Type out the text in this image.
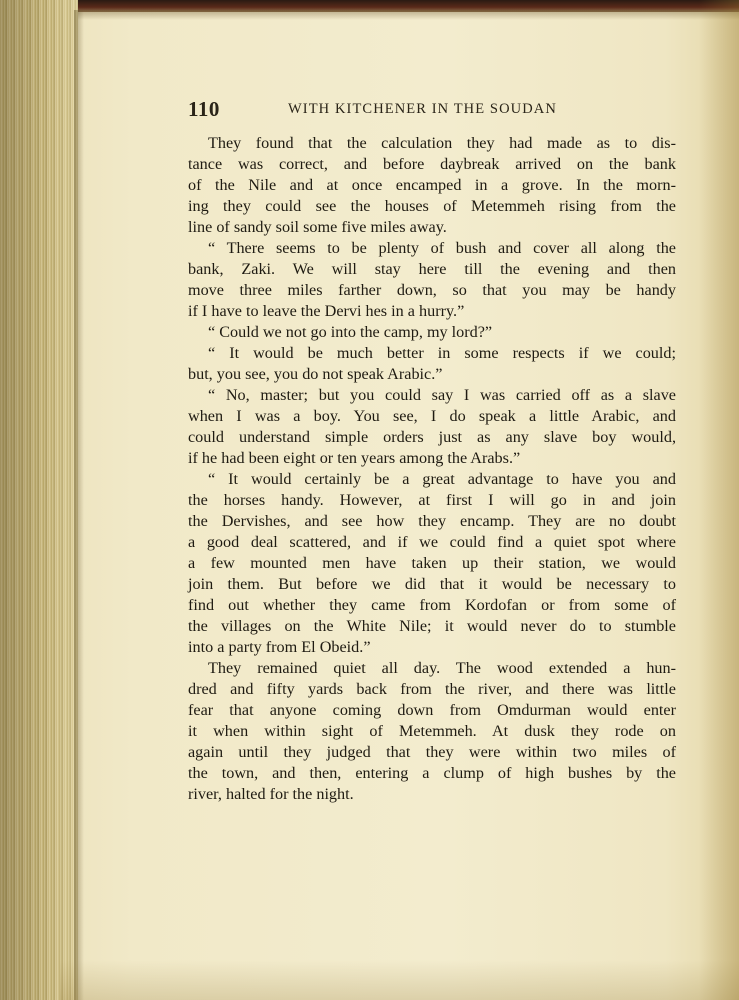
110	WITH KITCHENER IN THE SOUDAN
They found that the calculation they had made as to dis-
tance was correct, and before daybreak arrived on the bank
of the Nile and at once encamped in a grove. In the morn-
ing they could see the houses of Metemmeh rising from the
line of sandy soil some five miles away.
“ There seems to be plenty of bush and cover all along the
bank, Zaki. We will stay here till the evening and then
move three miles farther down, so that you may be handy
if I have to leave the Dervi hes in a hurry.”
“ Could we not go into the camp, my lord?”
“ It would be much better in some respects if we could;
but, you see, you do not speak Arabic.”
“ No, master; but you could say I was carried off as a slave
when I was a boy. You see, I do speak a little Arabic, and
could understand simple orders just as any slave boy would,
if he had been eight or ten years among the Arabs.”
“ It would certainly be a great advantage to have you and
the horses handy. However, at first I will go in and join
the Dervishes, and see how they encamp. They are no doubt
a good deal scattered, and if we could find a quiet spot where
a few mounted men have taken up their station, we would
join them. But before we did that it would be necessary to
find out whether they came from Kordofan or from some of
the villages on the White Nile; it would never do to stumble
into a party from El Obeid.”
They remained quiet all day. The wood extended a hun-
dred and fifty yards back from the river, and there was little
fear that anyone coming down from Omdurman would enter
it when within sight of Metemmeh. At dusk they rode on
again until they judged that they were within two miles of
the town, and then, entering a clump of high bushes by the
river, halted for the night.
